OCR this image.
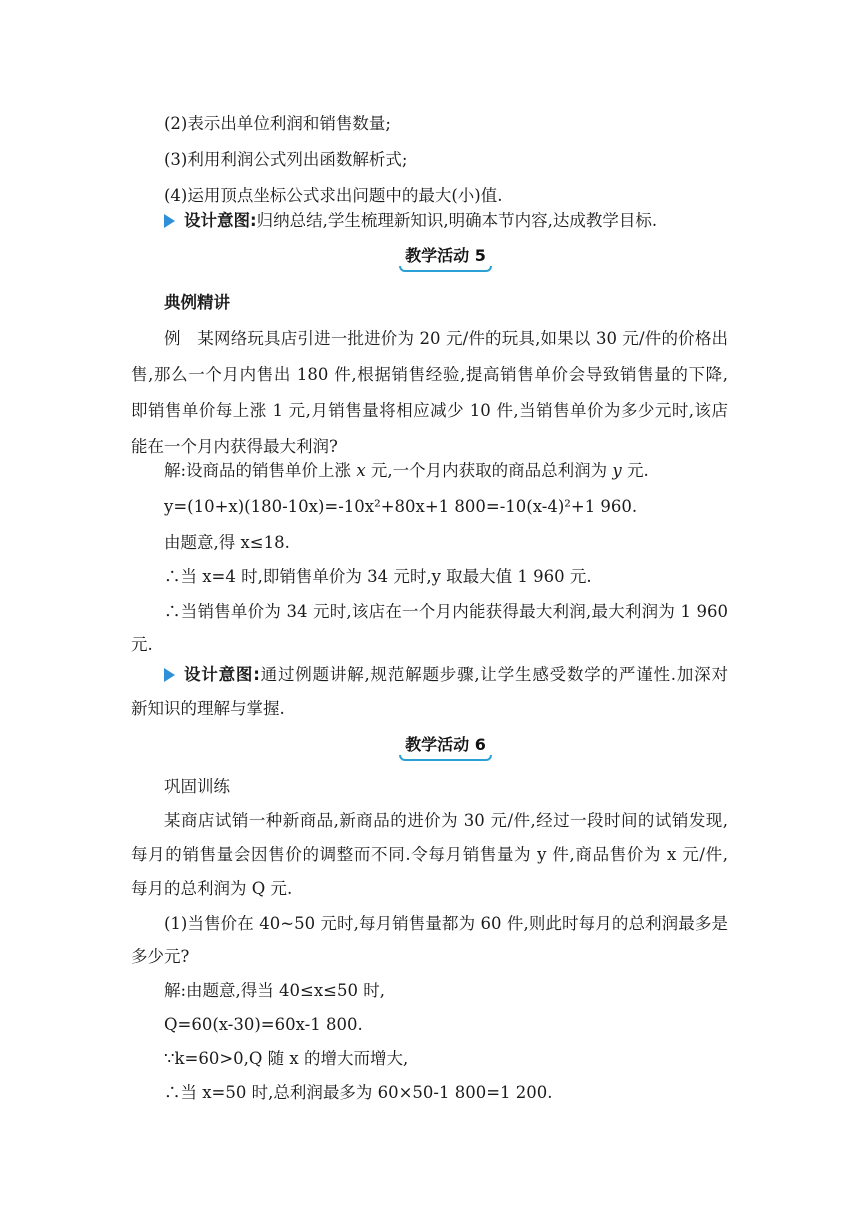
(2)表示出单位利润和销售数量;
(3)利用利润公式列出函数解析式;
(4)运用顶点坐标公式求出问题中的最大(小)值.
设计意图:归纳总结,学生梳理新知识,明确本节内容,达成教学目标.
教学活动 5
典例精讲
例　某网络玩具店引进一批进价为 20 元/件的玩具,如果以 30 元/件的价格出
售,那么一个月内售出 180 件,根据销售经验,提高销售单价会导致销售量的下降,
即销售单价每上涨 1 元,月销售量将相应减少 10 件,当销售单价为多少元时,该店
能在一个月内获得最大利润?
解:设商品的销售单价上涨 x 元,一个月内获取的商品总利润为 y 元.
y=(10+x)(180-10x)=-10x²+80x+1 800=-10(x-4)²+1 960.
由题意,得 x≤18.
∴当 x=4 时,即销售单价为 34 元时,y 取最大值 1 960 元.
∴当销售单价为 34 元时,该店在一个月内能获得最大利润,最大利润为 1 960
元.
设计意图:通过例题讲解,规范解题步骤,让学生感受数学的严谨性.加深对
新知识的理解与掌握.
教学活动 6
巩固训练
某商店试销一种新商品,新商品的进价为 30 元/件,经过一段时间的试销发现,
每月的销售量会因售价的调整而不同.令每月销售量为 y 件,商品售价为 x 元/件,
每月的总利润为 Q 元.
(1)当售价在 40~50 元时,每月销售量都为 60 件,则此时每月的总利润最多是
多少元?
解:由题意,得当 40≤x≤50 时,
Q=60(x-30)=60x-1 800.
∵k=60>0,Q 随 x 的增大而增大,
∴当 x=50 时,总利润最多为 60×50-1 800=1 200.
